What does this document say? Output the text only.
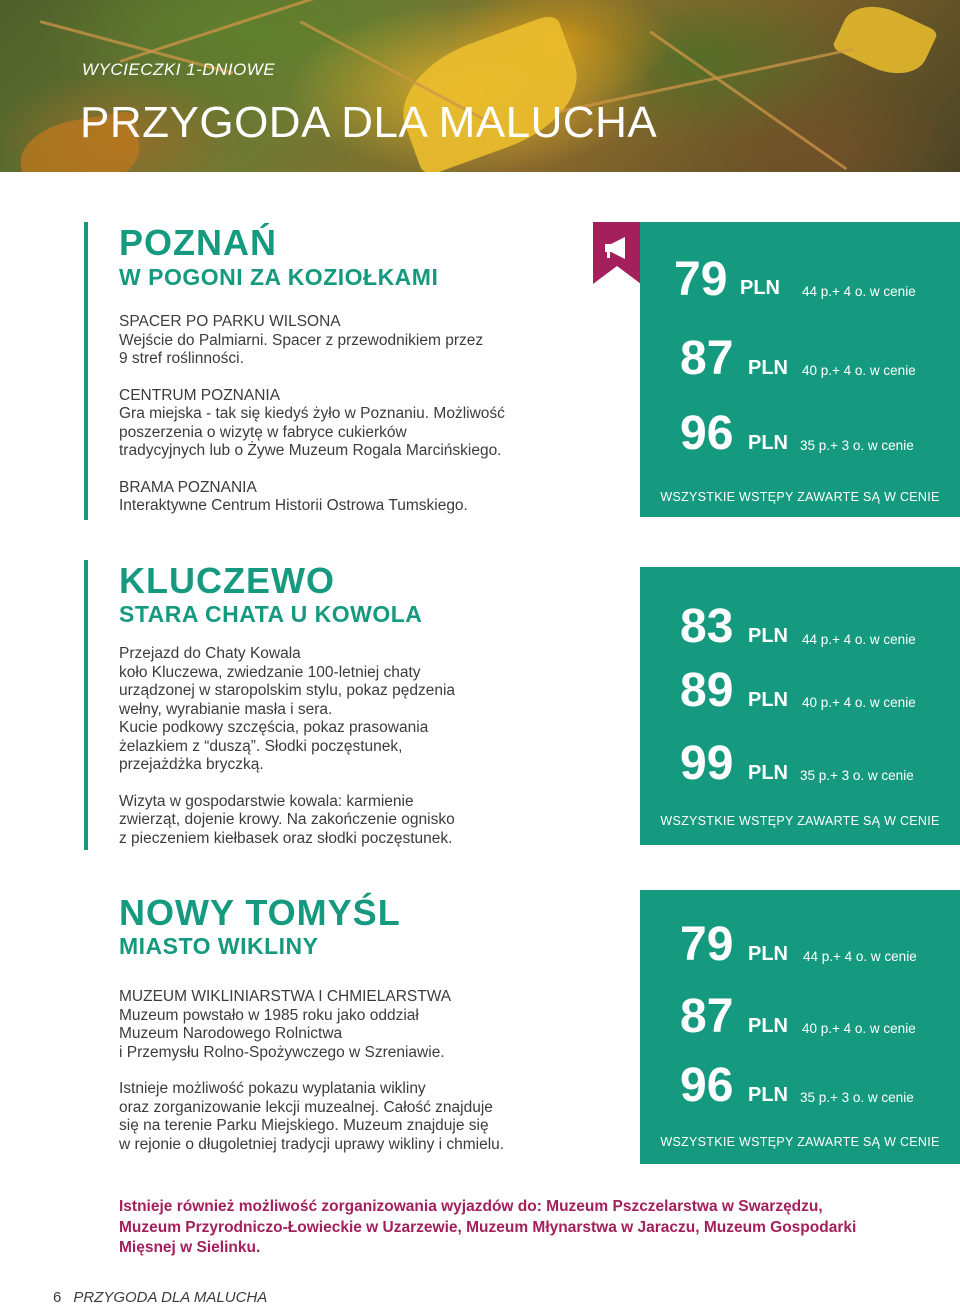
WYCIECZKI 1-DNIOWE
PRZYGODA DLA MALUCHA
POZNAŃ
W POGONI ZA KOZIOŁKAMI

SPACER PO PARKU WILSONA
Wejście do Palmiarni. Spacer z przewodnikiem przez
9 stref roślinności.

CENTRUM POZNANIA
Gra miejska - tak się kiedyś żyło w Poznaniu. Możliwość
poszerzenia o wizytę w fabryce cukierków
tradycyjnych lub o Żywe Muzeum Rogala Marcińskiego.

BRAMA POZNANIA
Interaktywne Centrum Historii Ostrowa Tumskiego.

79 PLN 44 p.+ 4 o. w cenie
87 PLN 40 p.+ 4 o. w cenie
96 PLN 35 p.+ 3 o. w cenie
WSZYSTKIE WSTĘPY ZAWARTE SĄ W CENIE
KLUCZEWO
STARA CHATA U KOWOLA

Przejazd do Chaty Kowala
koło Kluczewa, zwiedzanie 100-letniej chaty
urządzonej w staropolskim stylu, pokaz pędzenia
wełny, wyrabianie masła i sera.
Kucie podkowy szczęścia, pokaz prasowania
żelazkiem z “duszą”. Słodki poczęstunek,
przejażdżka bryczką.

Wizyta w gospodarstwie kowala: karmienie
zwierząt, dojenie krowy. Na zakończenie ognisko
z pieczeniem kiełbasek oraz słodki poczęstunek.

83 PLN 44 p.+ 4 o. w cenie
89 PLN 40 p.+ 4 o. w cenie
99 PLN 35 p.+ 3 o. w cenie
WSZYSTKIE WSTĘPY ZAWARTE SĄ W CENIE
NOWY TOMYŚL
MIASTO WIKLINY

MUZEUM WIKLINIARSTWA I CHMIELARSTWA
Muzeum powstało w 1985 roku jako oddział
Muzeum Narodowego Rolnictwa
i Przemysłu Rolno-Spożywczego w Szreniawie.

Istnieje możliwość pokazu wyplatania wikliny
oraz zorganizowanie lekcji muzealnej. Całość znajduje
się na terenie Parku Miejskiego. Muzeum znajduje się
w rejonie o długoletniej tradycji uprawy wikliny i chmielu.

79 PLN 44 p.+ 4 o. w cenie
87 PLN 40 p.+ 4 o. w cenie
96 PLN 35 p.+ 3 o. w cenie
WSZYSTKIE WSTĘPY ZAWARTE SĄ W CENIE

Istnieje również możliwość zorganizowania wyjazdów do: Muzeum Pszczelarstwa w Swarzędzu, Muzeum Przyrodniczo-Łowieckie w Uzarzewie, Muzeum Młynarstwa w Jaraczu, Muzeum Gospodarki Mięsnej w Sielinku.

6 PRZYGODA DLA MALUCHA
